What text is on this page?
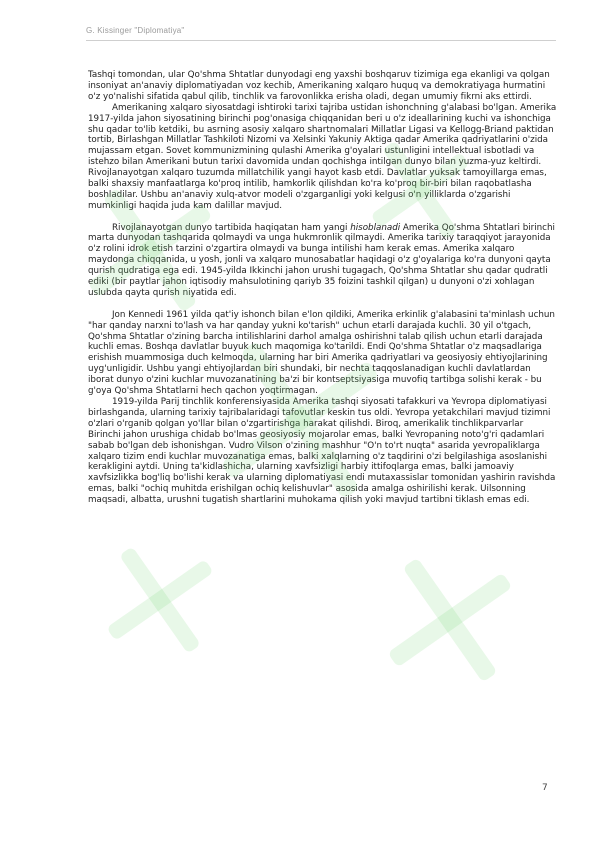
G. Kissinger "Diplomatiya"

Tashqi tomondan, ular Qo'shma Shtatlar dunyodagi eng yaxshi boshqaruv tizimiga ega ekanligi va qolgan insoniyat an'anaviy diplomatiyadan voz kechib, Amerikaning xalqaro huquq va demokratiyaga hurmatini o'z yo'nalishi sifatida qabul qilib, tinchlik va farovonlikka erisha oladi, degan umumiy fikrni aks ettirdi.

Amerikaning xalqaro siyosatdagi ishtiroki tarixi tajriba ustidan ishonchning g'alabasi bo'lgan. Amerika 1917-yilda jahon siyosatining birinchi pog'onasiga chiqqanidan beri u o'z ideallarining kuchi va ishonchiga shu qadar to'lib ketdiki, bu asrning asosiy xalqaro shartnomalari Millatlar Ligasi va Kellogg-Briand paktidan tortib, Birlashgan Millatlar Tashkiloti Nizomi va Xelsinki Yakuniy Aktiga qadar Amerika qadriyatlarini o'zida mujassam etgan. Sovet kommunizmining qulashi Amerika g'oyalari ustunligini intellektual isbotladi va istehzo bilan Amerikani butun tarixi davomida undan qochishga intilgan dunyo bilan yuzma-yuz keltirdi. Rivojlanayotgan xalqaro tuzumda millatchilik yangi hayot kasb etdi. Davlatlar yuksak tamoyillarga emas, balki shaxsiy manfaatlarga ko'proq intilib, hamkorlik qilishdan ko'ra ko'proq bir-biri bilan raqobatlasha boshladilar. Ushbu an'anaviy xulq-atvor modeli o'zgarganligi yoki kelgusi o'n yilliklarda o'zgarishi mumkinligi haqida juda kam dalillar mavjud.

Rivojlanayotgan dunyo tartibida haqiqatan ham yangi hisoblanadi Amerika Qo'shma Shtatlari birinchi marta dunyodan tashqarida qolmaydi va unga hukmronlik qilmaydi. Amerika tarixiy taraqqiyot jarayonida o'z rolini idrok etish tarzini o'zgartira olmaydi va bunga intilishi ham kerak emas. Amerika xalqaro maydonga chiqqanida, u yosh, jonli va xalqaro munosabatlar haqidagi o'z g'oyalariga ko'ra dunyoni qayta qurish qudratiga ega edi. 1945-yilda Ikkinchi jahon urushi tugagach, Qo'shma Shtatlar shu qadar qudratli ediki (bir paytlar jahon iqtisodiy mahsulotining qariyb 35 foizini tashkil qilgan) u dunyoni o'zi xohlagan uslubda qayta qurish niyatida edi.

Jon Kennedi 1961 yilda qat'iy ishonch bilan e'lon qildiki, Amerika erkinlik g'alabasini ta'minlash uchun "har qanday narxni to'lash va har qanday yukni ko'tarish" uchun etarli darajada kuchli. 30 yil o'tgach, Qo'shma Shtatlar o'zining barcha intilishlarini darhol amalga oshirishni talab qilish uchun etarli darajada kuchli emas. Boshqa davlatlar buyuk kuch maqomiga ko'tarildi. Endi Qo'shma Shtatlar o'z maqsadlariga erishish muammosiga duch kelmoqda, ularning har biri Amerika qadriyatlari va geosiyosiy ehtiyojlarining uyg'unligidir. Ushbu yangi ehtiyojlardan biri shundaki, bir nechta taqqoslanadigan kuchli davlatlardan iborat dunyo o'zini kuchlar muvozanatining ba'zi bir kontseptsiyasiga muvofiq tartibga solishi kerak - bu g'oya Qo'shma Shtatlarni hech qachon yoqtirmagan.

1919-yilda Parij tinchlik konferensiyasida Amerika tashqi siyosati tafakkuri va Yevropa diplomatiyasi birlashganda, ularning tarixiy tajribalaridagi tafovutlar keskin tus oldi. Yevropa yetakchilari mavjud tizimni o'zlari o'rganib qolgan yo'llar bilan o'zgartirishga harakat qilishdi. Biroq, amerikalik tinchlikparvarlar Birinchi jahon urushiga chidab bo'lmas geosiyosiy mojarolar emas, balki Yevropaning noto'g'ri qadamlari sabab bo'lgan deb ishonishgan. Vudro Vilson o'zining mashhur "O'n to'rt nuqta" asarida yevropaliklarga xalqaro tizim endi kuchlar muvozanatiga emas, balki xalqlarning o'z taqdirini o'zi belgilashiga asoslanishi kerakligini aytdi. Uning ta'kidlashicha, ularning xavfsizligi harbiy ittifoqlarga emas, balki jamoaviy xavfsizlikka bog'liq bo'lishi kerak va ularning diplomatiyasi endi mutaxassislar tomonidan yashirin ravishda emas, balki "ochiq muhitda erishilgan ochiq kelishuvlar" asosida amalga oshirilishi kerak. Uilsonning maqsadi, albatta, urushni tugatish shartlarini muhokama qilish yoki mavjud tartibni tiklash emas edi.

7
